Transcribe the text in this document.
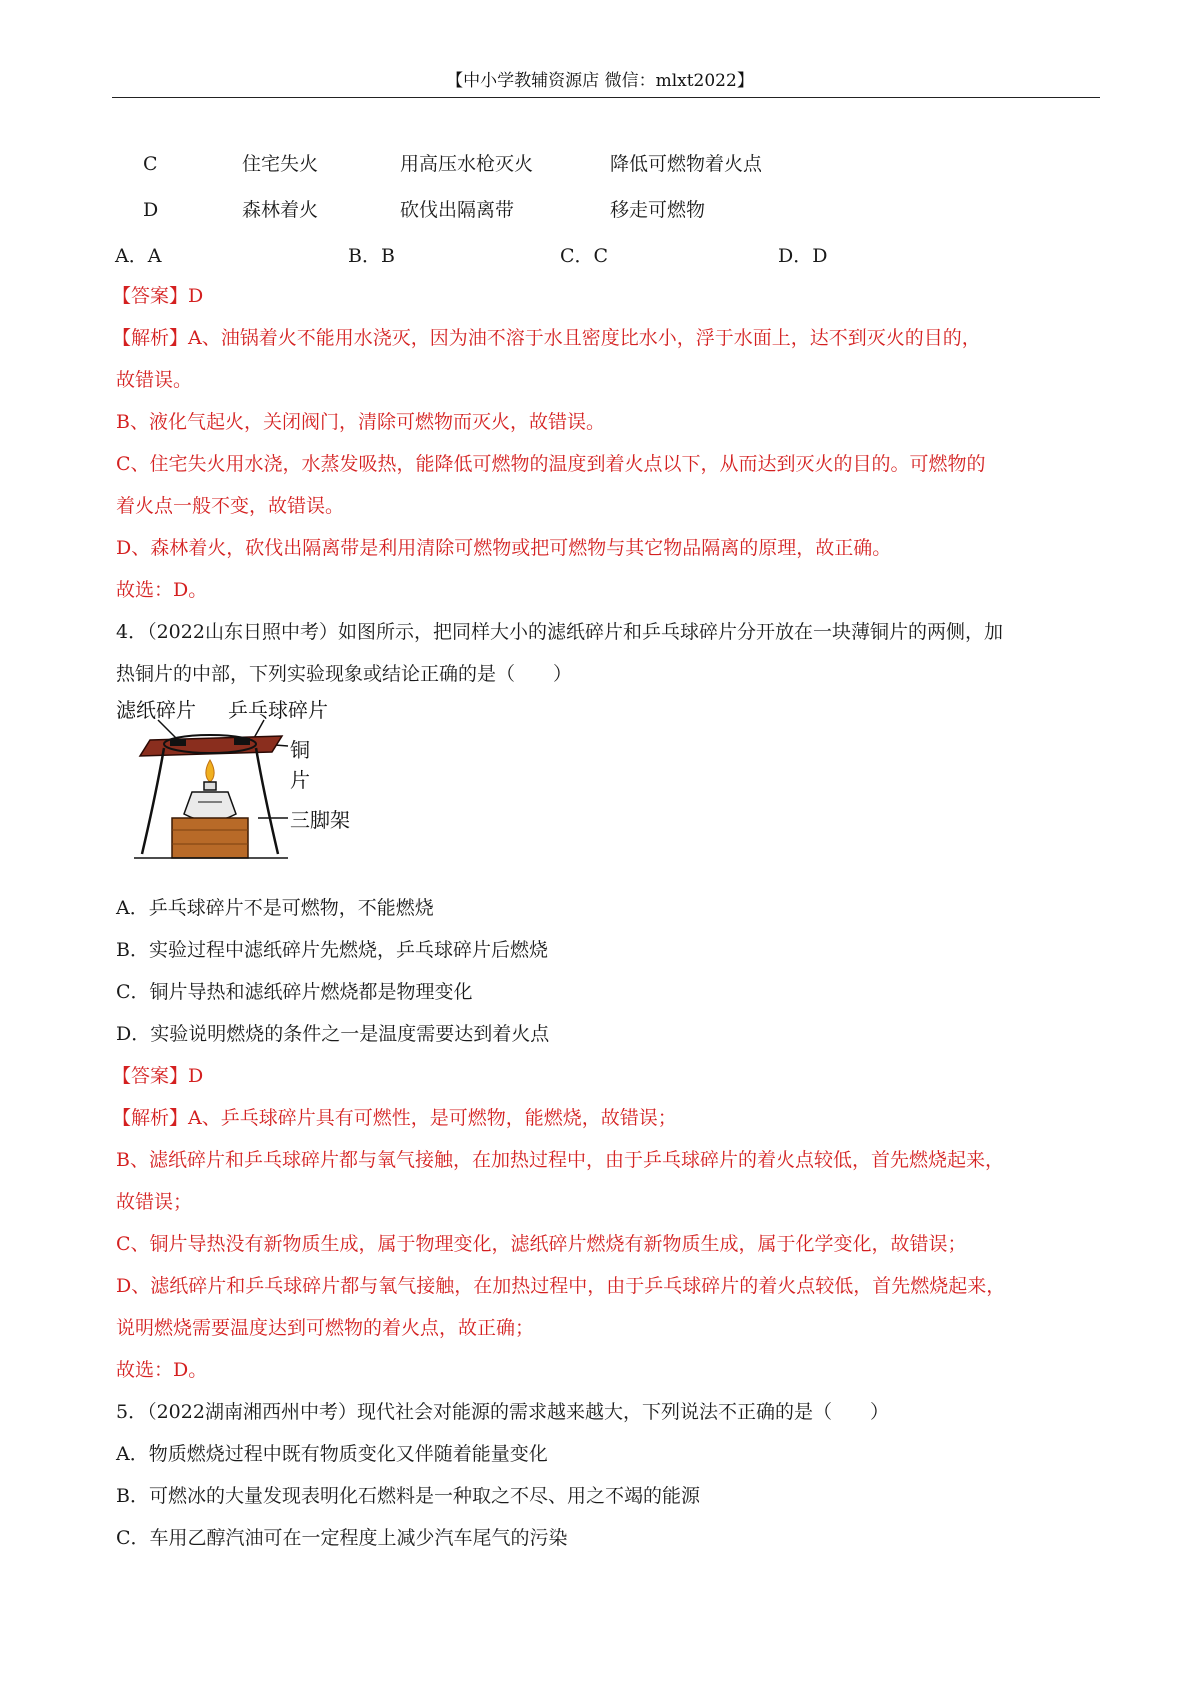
【中小学教辅资源店 微信：mlxt2022】
C	住宅失火	用高压水枪灭火	降低可燃物着火点
D	森林着火	砍伐出隔离带	移走可燃物
A．A	B．B	C．C	D．D
【答案】D
【解析】A、油锅着火不能用水浇灭，因为油不溶于水且密度比水小，浮于水面上，达不到灭火的目的，
故错误。
B、液化气起火，关闭阀门，清除可燃物而灭火，故错误。
C、住宅失火用水浇，水蒸发吸热，能降低可燃物的温度到着火点以下，从而达到灭火的目的。可燃物的
着火点一般不变，故错误。
D、森林着火，砍伐出隔离带是利用清除可燃物或把可燃物与其它物品隔离的原理，故正确。
故选：D。
4．（2022山东日照中考）如图所示，把同样大小的滤纸碎片和乒乓球碎片分开放在一块薄铜片的两侧，加
热铜片的中部，下列实验现象或结论正确的是（　　）
滤纸碎片 乒乓球碎片
铜
片
三脚架
A．乒乓球碎片不是可燃物，不能燃烧
B．实验过程中滤纸碎片先燃烧，乒乓球碎片后燃烧
C．铜片导热和滤纸碎片燃烧都是物理变化
D．实验说明燃烧的条件之一是温度需要达到着火点
【答案】D
【解析】A、乒乓球碎片具有可燃性，是可燃物，能燃烧，故错误；
B、滤纸碎片和乒乓球碎片都与氧气接触，在加热过程中，由于乒乓球碎片的着火点较低，首先燃烧起来，
故错误；
C、铜片导热没有新物质生成，属于物理变化，滤纸碎片燃烧有新物质生成，属于化学变化，故错误；
D、滤纸碎片和乒乓球碎片都与氧气接触，在加热过程中，由于乒乓球碎片的着火点较低，首先燃烧起来，
说明燃烧需要温度达到可燃物的着火点，故正确；
故选：D。
5．（2022湖南湘西州中考）现代社会对能源的需求越来越大，下列说法不正确的是（　　）
A．物质燃烧过程中既有物质变化又伴随着能量变化
B．可燃冰的大量发现表明化石燃料是一种取之不尽、用之不竭的能源
C．车用乙醇汽油可在一定程度上减少汽车尾气的污染
